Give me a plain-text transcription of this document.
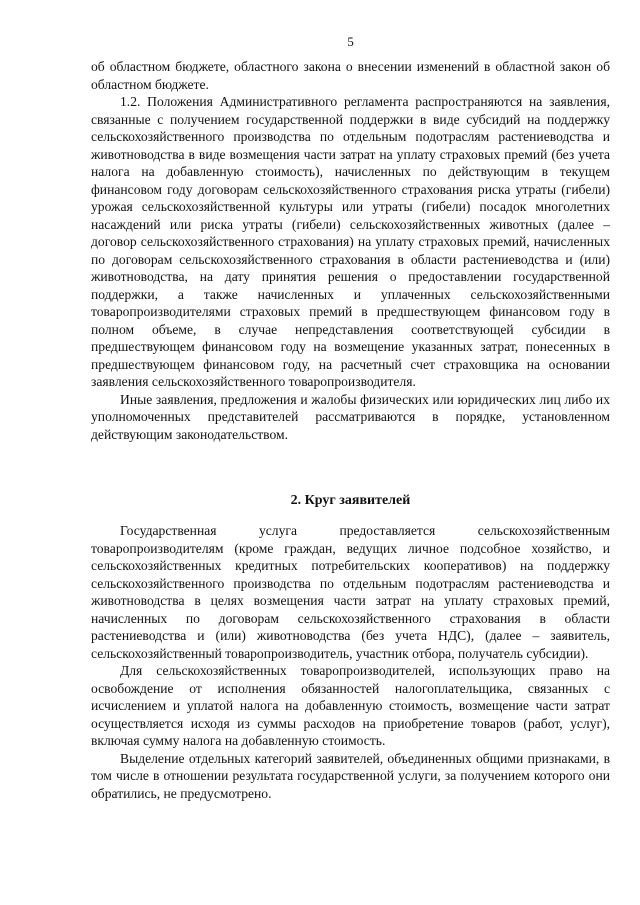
5

об областном бюджете, областного закона о внесении изменений в областной закон об областном бюджете.

1.2. Положения Административного регламента распространяются на заявления, связанные с получением государственной поддержки в виде субсидий на поддержку сельскохозяйственного производства по отдельным подотраслям растениеводства и животноводства в виде возмещения части затрат на уплату страховых премий (без учета налога на добавленную стоимость), начисленных по действующим в текущем финансовом году договорам сельскохозяйственного страхования риска утраты (гибели) урожая сельскохозяйственной культуры или утраты (гибели) посадок многолетних насаждений или риска утраты (гибели) сельскохозяйственных животных (далее – договор сельскохозяйственного страхования) на уплату страховых премий, начисленных по договорам сельскохозяйственного страхования в области растениеводства и (или) животноводства, на дату принятия решения о предоставлении государственной поддержки, а также начисленных и уплаченных сельскохозяйственными товаропроизводителями страховых премий в предшествующем финансовом году в полном объеме, в случае непредставления соответствующей субсидии в предшествующем финансовом году на возмещение указанных затрат, понесенных в предшествующем финансовом году, на расчетный счет страховщика на основании заявления сельскохозяйственного товаропроизводителя.

Иные заявления, предложения и жалобы физических или юридических лиц либо их уполномоченных представителей рассматриваются в порядке, установленном действующим законодательством.

2. Круг заявителей

Государственная услуга предоставляется сельскохозяйственным товаропроизводителям (кроме граждан, ведущих личное подсобное хозяйство, и сельскохозяйственных кредитных потребительских кооперативов) на поддержку сельскохозяйственного производства по отдельным подотраслям растениеводства и животноводства в целях возмещения части затрат на уплату страховых премий, начисленных по договорам сельскохозяйственного страхования в области растениеводства и (или) животноводства (без учета НДС), (далее – заявитель, сельскохозяйственный товаропроизводитель, участник отбора, получатель субсидии).

Для сельскохозяйственных товаропроизводителей, использующих право на освобождение от исполнения обязанностей налогоплательщика, связанных с исчислением и уплатой налога на добавленную стоимость, возмещение части затрат осуществляется исходя из суммы расходов на приобретение товаров (работ, услуг), включая сумму налога на добавленную стоимость.

Выделение отдельных категорий заявителей, объединенных общими признаками, в том числе в отношении результата государственной услуги, за получением которого они обратились, не предусмотрено.
